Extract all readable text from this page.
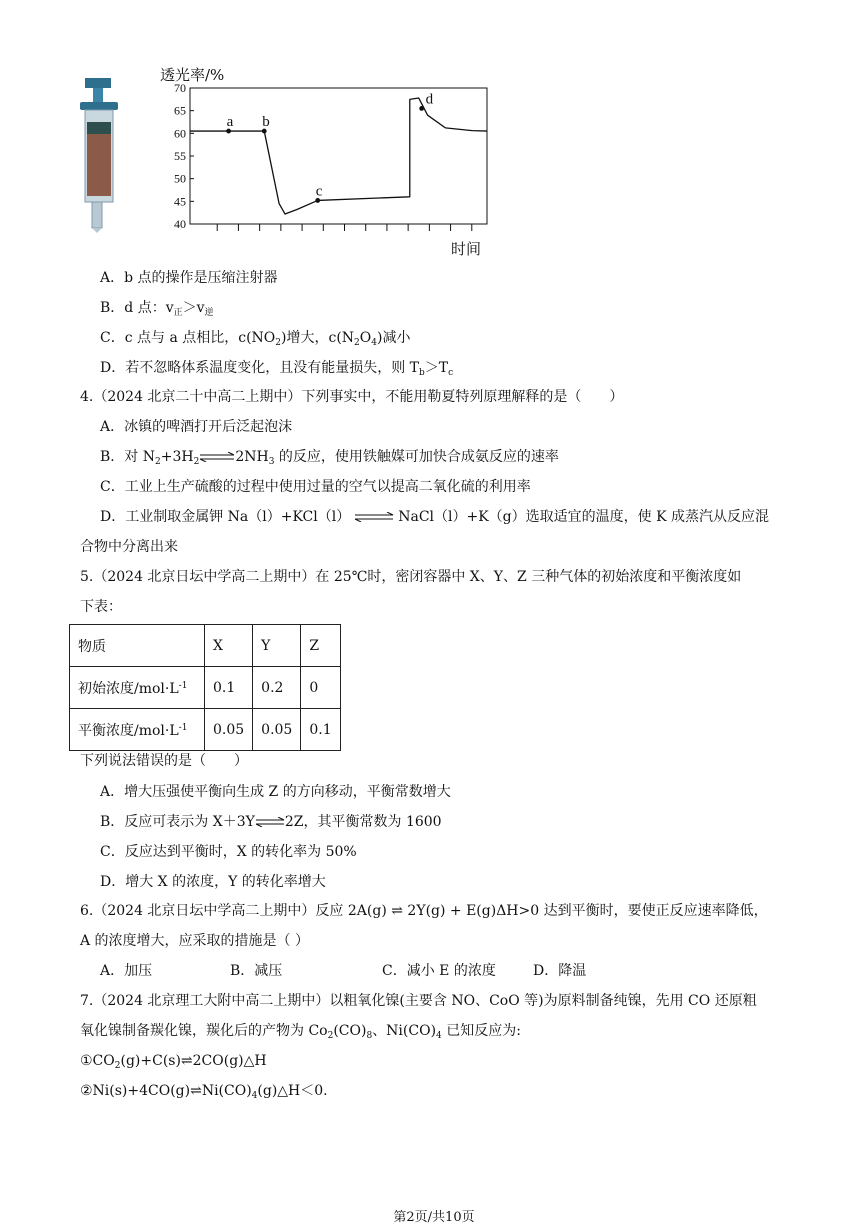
透光率/%
时间
70
65
60
55
50
45
40
a b
c
d
A．b 点的操作是压缩注射器
B．d 点：$v_正>v_逆$
C．c 点与 a 点相比，$c(NO_2)$增大，$c(N_2O_4)$减小
D．若不忽略体系温度变化，且没有能量损失，则 $T_b>T_c$
4.（2024 北京二十中高二上期中）下列事实中，不能用勒夏特列原理解释的是（　　）
A．冰镇的啤酒打开后泛起泡沫
B．对 $N_2+3H_2\rightleftharpoons 2NH_3$ 的反应，使用铁触媒可加快合成氨反应的速率
C．工业上生产硫酸的过程中使用过量的空气以提高二氧化硫的利用率
D．工业制取金属钾 Na（l）+KCl（l） ⇌ NaCl（l）+K（g）选取适宜的温度，使 K 成蒸汽从反应混
合物中分离出来
5.（2024 北京日坛中学高二上期中）在 25℃时，密闭容器中 X、Y、Z 三种气体的初始浓度和平衡浓度如
下表：
物质	X	Y	Z
初始浓度$/mol\cdot L^{-1}$	0.1	0.2	0
平衡浓度$/mol\cdot L^{-1}$	0.05	0.05	0.1
下列说法错误的是（　　）
A．增大压强使平衡向生成 Z 的方向移动，平衡常数增大
B．反应可表示为 X＋3Y⇌2Z，其平衡常数为 1600
C．反应达到平衡时，X 的转化率为 50%
D．增大 X 的浓度，Y 的转化率增大
6.（2024 北京日坛中学高二上期中）反应 2A(g) ⇌ 2Y(g) + E(g)ΔH>0 达到平衡时，要使正反应速率降低，
A 的浓度增大，应采取的措施是（ ）
A．加压	B．减压	C．减小 E 的浓度	D．降温
7.（2024 北京理工大附中高二上期中）以粗氧化镍(主要含 NO、CoO 等)为原料制备纯镍，先用 CO 还原粗
氧化镍制备羰化镍，羰化后的产物为 $Co_2(CO)_8$、$Ni(CO)_4$ 已知反应为:
$①CO_2(g)+C(s)\rightleftharpoons 2CO(g)\triangle H$
$②Ni(s)+4CO(g)\rightleftharpoons Ni(CO)_4(g)\triangle H<0$.
第2页/共10页
